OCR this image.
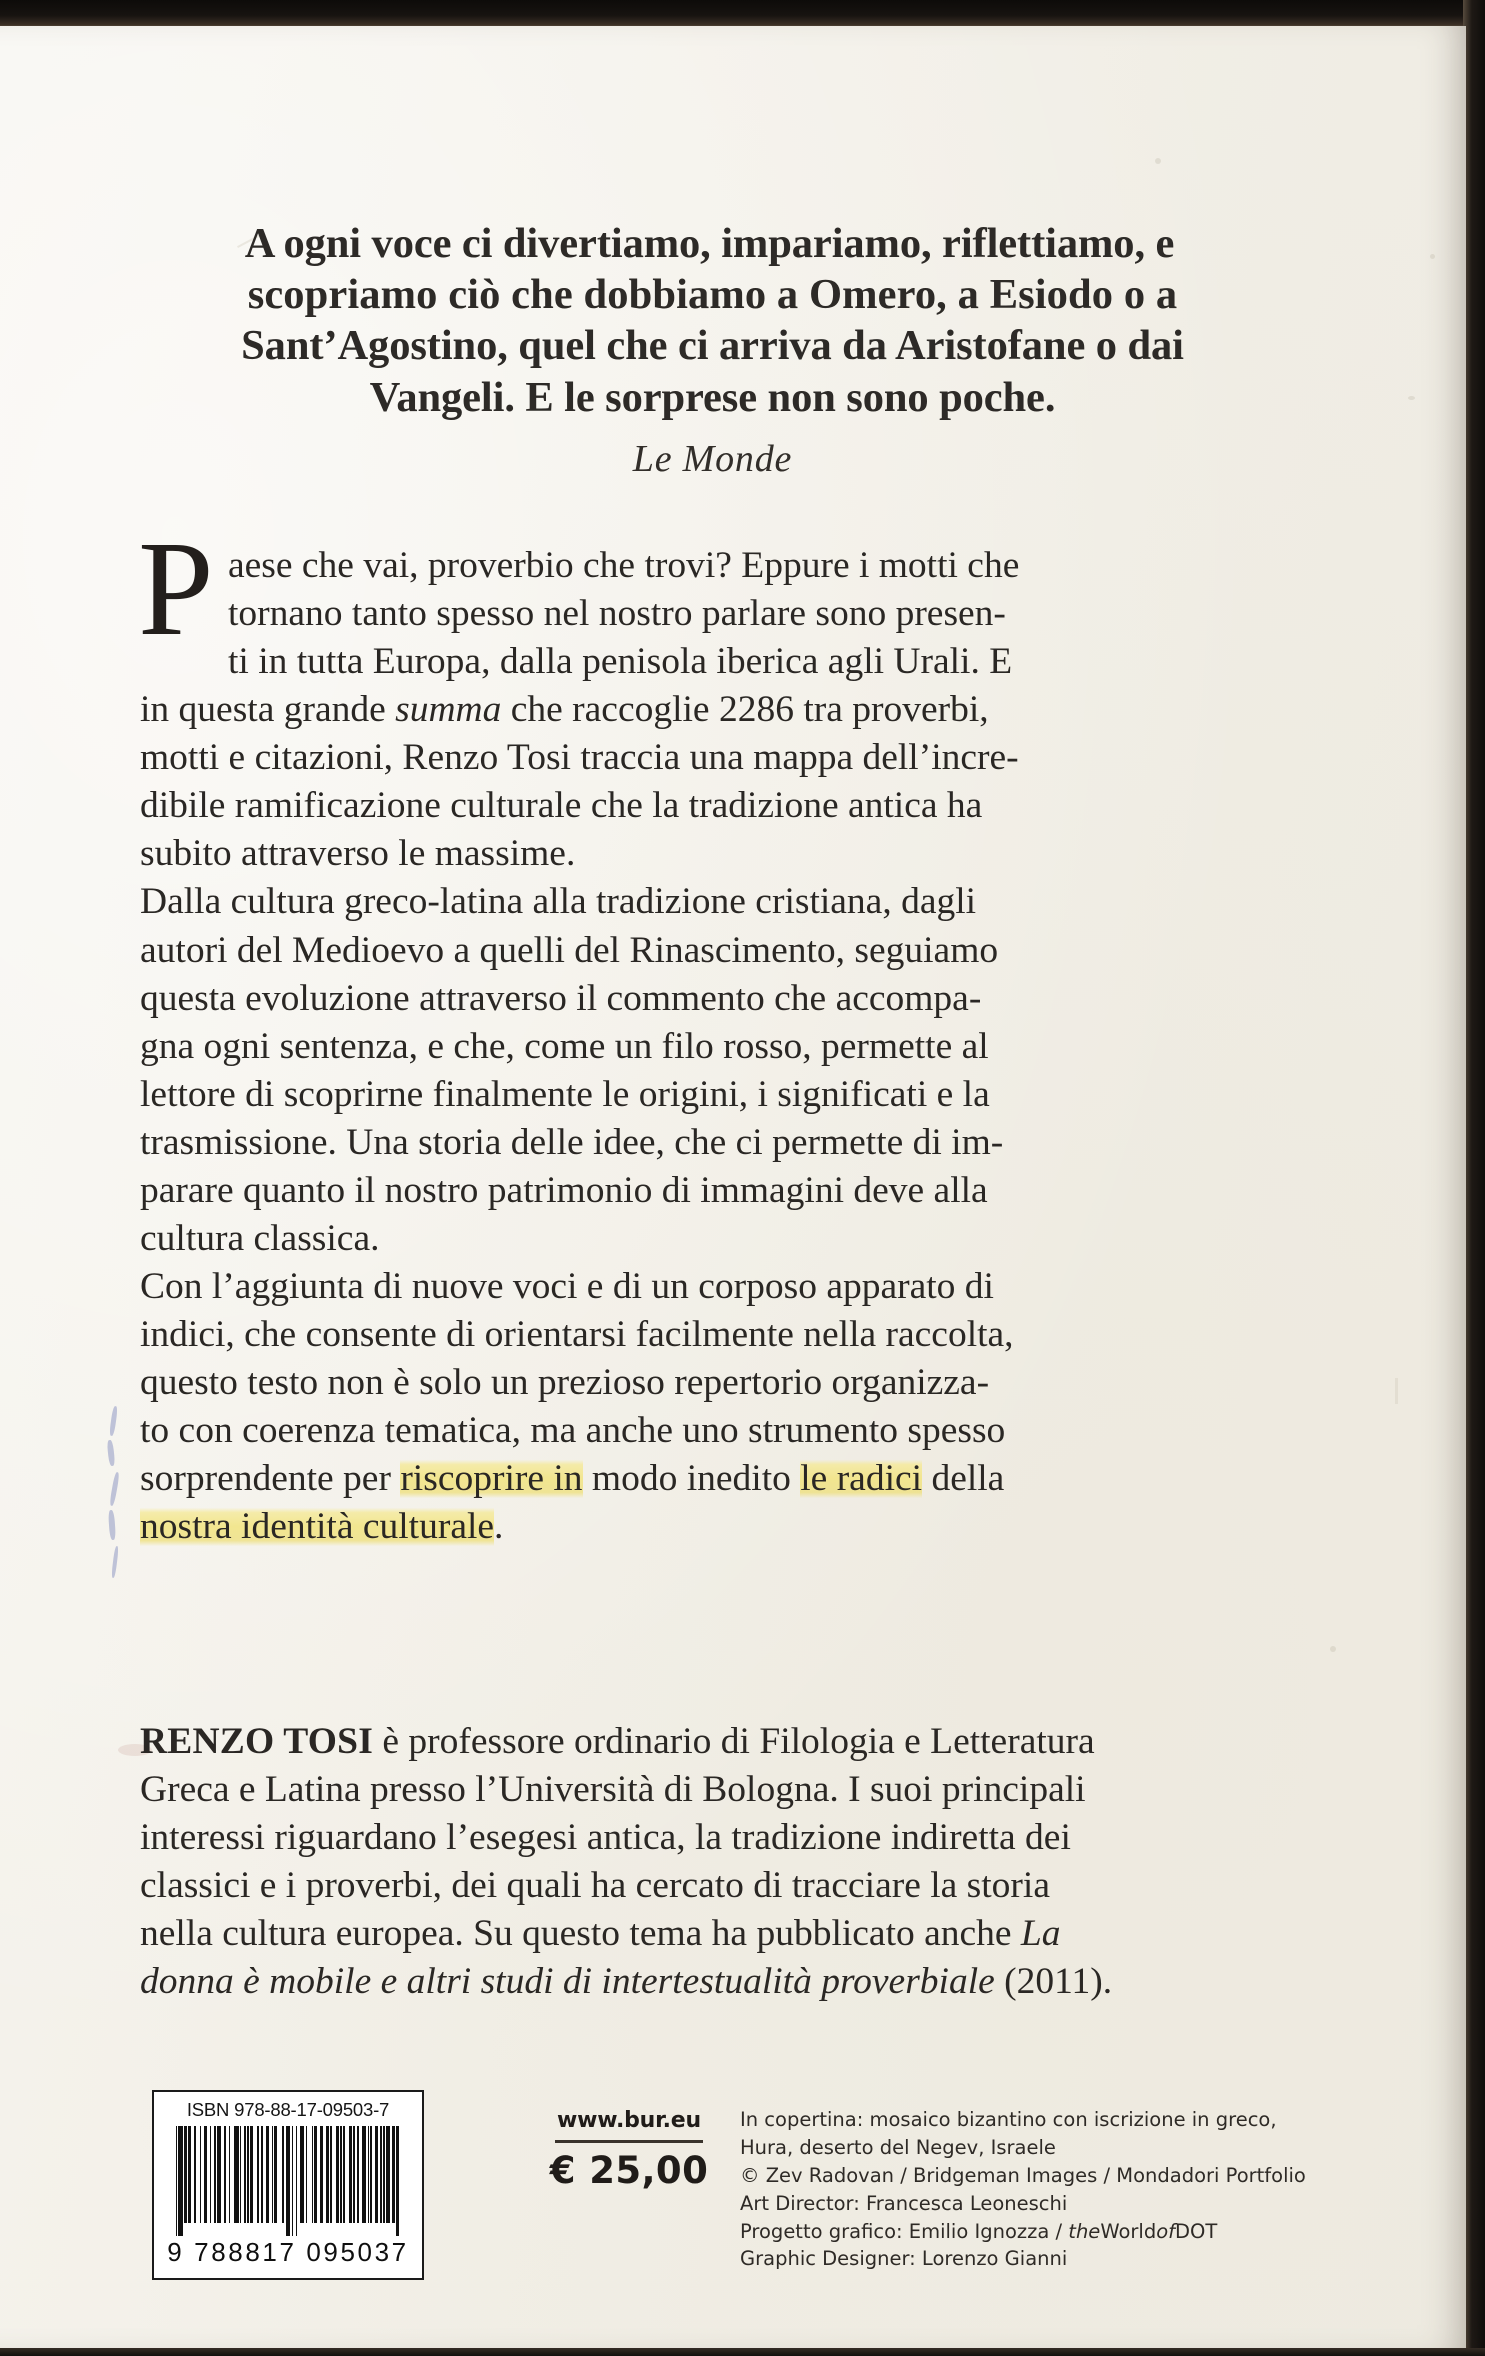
A ogni voce ci divertiamo, impariamo, riflettiamo, e
scopriamo ciò che dobbiamo a Omero, a Esiodo o a
Sant’Agostino, quel che ci arriva da Aristofane o dai
Vangeli. E le sorprese non sono poche.
Le Monde

P aese che vai, proverbio che trovi? Eppure i motti che
tornano tanto spesso nel nostro parlare sono presen-
ti in tutta Europa, dalla penisola iberica agli Urali. E
in questa grande summa che raccoglie 2286 tra proverbi,
motti e citazioni, Renzo Tosi traccia una mappa dell’incre-
dibile ramificazione culturale che la tradizione antica ha
subito attraverso le massime.

Dalla cultura greco-latina alla tradizione cristiana, dagli
autori del Medioevo a quelli del Rinascimento, seguiamo
questa evoluzione attraverso il commento che accompa-
gna ogni sentenza, e che, come un filo rosso, permette al
lettore di scoprirne finalmente le origini, i significati e la
trasmissione. Una storia delle idee, che ci permette di im-
parare quanto il nostro patrimonio di immagini deve alla
cultura classica.

Con l’aggiunta di nuove voci e di un corposo apparato di
indici, che consente di orientarsi facilmente nella raccolta,
questo testo non è solo un prezioso repertorio organizza-
to con coerenza tematica, ma anche uno strumento spesso
sorprendente per riscoprire in modo inedito le radici della
nostra identità culturale.

RENZO TOSI è professore ordinario di Filologia e Letteratura
Greca e Latina presso l’Università di Bologna. I suoi principali
interessi riguardano l’esegesi antica, la tradizione indiretta dei
classici e i proverbi, dei quali ha cercato di tracciare la storia
nella cultura europea. Su questo tema ha pubblicato anche La
donna è mobile e altri studi di intertestualità proverbiale (2011).
ISBN 978-88-17-09503-7
9 788817 095037
www.bur.eu
€ 25,00
In copertina: mosaico bizantino con iscrizione in greco,
Hura, deserto del Negev, Israele
© Zev Radovan / Bridgeman Images / Mondadori Portfolio
Art Director: Francesca Leoneschi
Progetto grafico: Emilio Ignozza / theWorldofDOT
Graphic Designer: Lorenzo Gianni
